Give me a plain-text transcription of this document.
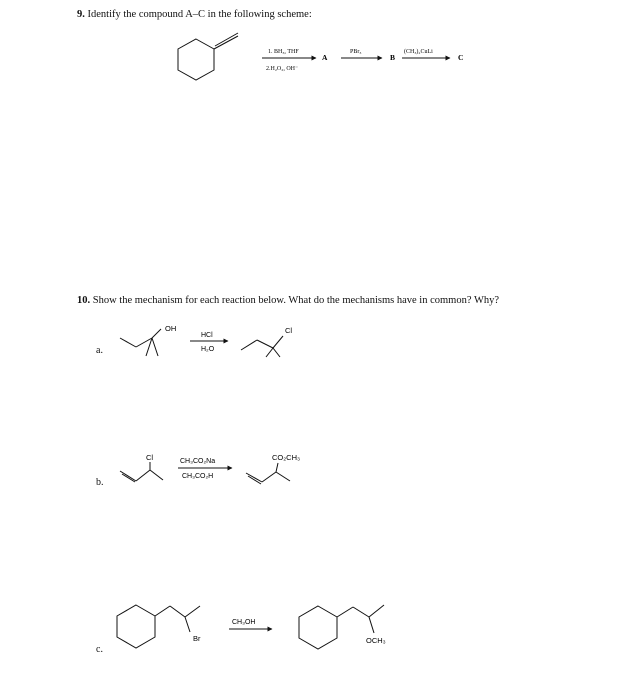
9. Identify the compound A–C in the following scheme:
10. Show the mechanism for each reaction below. What do the mechanisms have in common? Why?
a.
b.
c.
1. BH₃, THF
2.H₂O₂, OH⁻
A
PBr₃
B
(CH₃)₂CuLi
C
OH
HCl
H₂O
Cl
Cl	CH₃CO₂Na
CH₃CO₂H
CO₂CH₃
Br
CH₃OH
OCH₃
